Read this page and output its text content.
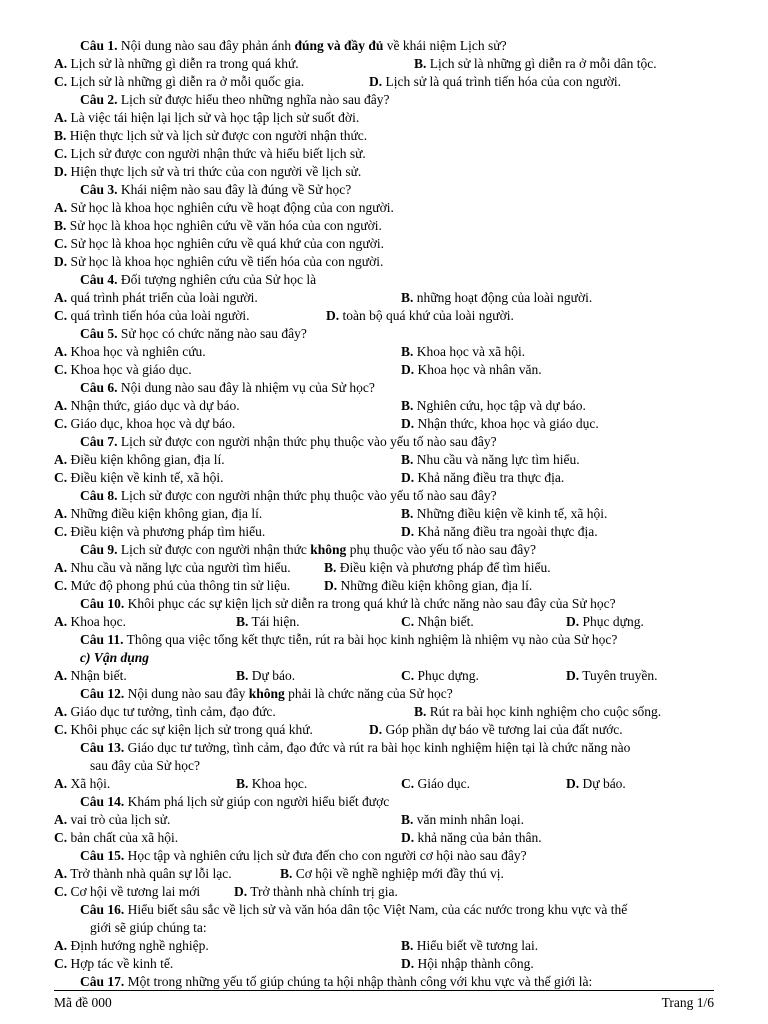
Câu 1. Nội dung nào sau đây phản ánh đúng và đầy đủ về khái niệm Lịch sử?
A. Lịch sử là những gì diễn ra trong quá khứ.	B. Lịch sử là những gì diễn ra ở mỗi dân tộc.
C. Lịch sử là những gì diễn ra ở mỗi quốc gia.	D. Lịch sử là quá trình tiến hóa của con người.
Câu 2. Lịch sử được hiểu theo những nghĩa nào sau đây?
A. Là việc tái hiện lại lịch sử và học tập lịch sử suốt đời.
B. Hiện thực lịch sử và lịch sử được con người nhận thức.
C. Lịch sử được con người nhận thức và hiểu biết lịch sử.
D. Hiện thực lịch sử và tri thức của con người về lịch sử.
Câu 3. Khái niệm nào sau đây là đúng về Sử học?
A. Sử học là khoa học nghiên cứu về hoạt động của con người.
B. Sử học là khoa học nghiên cứu về văn hóa của con người.
C. Sử học là khoa học nghiên cứu về quá khứ của con người.
D. Sử học là khoa học nghiên cứu về tiến hóa của con người.
Câu 4. Đối tượng nghiên cứu của Sử học là
A. quá trình phát triển của loài người.	B. những hoạt động của loài người.
C. quá trình tiến hóa của loài người.	D. toàn bộ quá khứ của loài người.
Câu 5. Sử học có chức năng nào sau đây?
A. Khoa học và nghiên cứu.	B. Khoa học và xã hội.
C. Khoa học và giáo dục.	D. Khoa học và nhân văn.
Câu 6. Nội dung nào sau đây là nhiệm vụ của Sử học?
A. Nhận thức, giáo dục và dự báo.	B. Nghiên cứu, học tập và dự báo.
C. Giáo dục, khoa học và dự báo.	D. Nhận thức, khoa học và giáo dục.
Câu 7. Lịch sử được con người nhận thức phụ thuộc vào yếu tố nào sau đây?
A. Điều kiện không gian, địa lí.	B. Nhu cầu và năng lực tìm hiểu.
C. Điều kiện về kinh tế, xã hội.	D. Khả năng điều tra thực địa.
Câu 8. Lịch sử được con người nhận thức phụ thuộc vào yếu tố nào sau đây?
A. Những điều kiện không gian, địa lí.	B. Những điều kiện về kinh tế, xã hội.
C. Điều kiện và phương pháp tìm hiểu.	D. Khả năng điều tra ngoài thực địa.
Câu 9. Lịch sử được con người nhận thức không phụ thuộc vào yếu tố nào sau đây?
A. Nhu cầu và năng lực của người tìm hiểu. B. Điều kiện và phương pháp để tìm hiểu.
C. Mức độ phong phú của thông tin sử liệu.	D. Những điều kiện không gian, địa lí.
Câu 10. Khôi phục các sự kiện lịch sử diễn ra trong quá khứ là chức năng nào sau đây của Sử học?
A. Khoa học.	B. Tái hiện.	C. Nhận biết.	D. Phục dựng.
Câu 11. Thông qua việc tổng kết thực tiễn, rút ra bài học kinh nghiệm là nhiệm vụ nào của Sử học?
c) Vận dụng
A. Nhận biết.	B. Dự báo.	C. Phục dựng.	D. Tuyên truyền.
Câu 12. Nội dung nào sau đây không phải là chức năng của Sử học?
A. Giáo dục tư tưởng, tình cảm, đạo đức.	B. Rút ra bài học kinh nghiệm cho cuộc sống.
C. Khôi phục các sự kiện lịch sử trong quá khứ.	D. Góp phần dự báo về tương lai của đất nước.
Câu 13. Giáo dục tư tưởng, tình cảm, đạo đức và rút ra bài học kinh nghiệm hiện tại là chức năng nào
sau đây của Sử học?
A. Xã hội.	B. Khoa học.	C. Giáo dục.	D. Dự báo.
Câu 14. Khám phá lịch sử giúp con người hiểu biết được
A. vai trò của lịch sử.	B. văn minh nhân loại.
C. bản chất của xã hội.	D. khả năng của bản thân.
Câu 15. Học tập và nghiên cứu lịch sử đưa đến cho con người cơ hội nào sau đây?
A. Trở thành nhà quân sự lỗi lạc.	B. Cơ hội về nghề nghiệp mới đầy thú vị.
C. Cơ hội về tương lai mới	D. Trở thành nhà chính trị gia.
Câu 16. Hiểu biết sâu sắc về lịch sử và văn hóa dân tộc Việt Nam, của các nước trong khu vực và thế
giới sẽ giúp chúng ta:
A. Định hướng nghề nghiệp.	B. Hiểu biết về tương lai.
C. Hợp tác về kinh tế.	D. Hội nhập thành công.
Câu 17. Một trong những yếu tố giúp chúng ta hội nhập thành công với khu vực và thế giới là:
Mã đề 000	Trang 1/6
